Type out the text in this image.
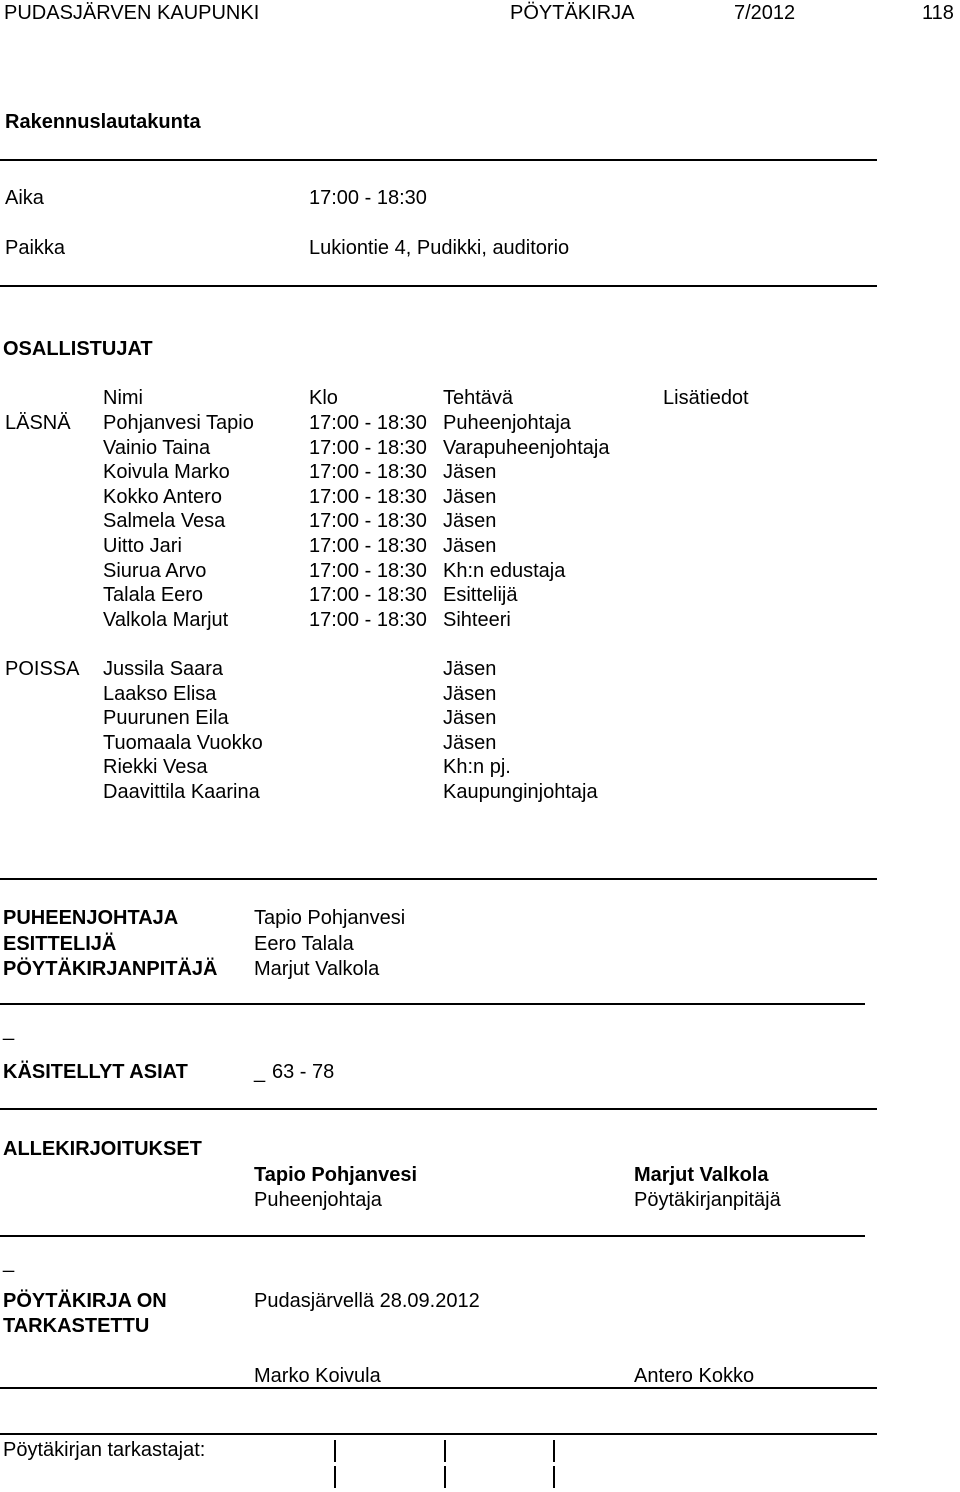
PUDASJÄRVEN KAUPUNKI	PÖYTÄKIRJA	7/2012	118
Rakennuslautakunta
Aika	17:00 - 18:30
Paikka	Lukiontie 4, Pudikki, auditorio
OSALLISTUJAT
Nimi	Klo	Tehtävä	Lisätiedot
LÄSNÄ Pohjanvesi Tapio	17:00 - 18:30 Puheenjohtaja
Vainio Taina	17:00 - 18:30 Varapuheenjohtaja
Koivula Marko	17:00 - 18:30 Jäsen
Kokko Antero	17:00 - 18:30 Jäsen
Salmela Vesa	17:00 - 18:30 Jäsen
Uitto Jari	17:00 - 18:30 Jäsen
Siurua Arvo	17:00 - 18:30 Kh:n edustaja
Talala Eero	17:00 - 18:30 Esittelijä
Valkola Marjut	17:00 - 18:30 Sihteeri
POISSA Jussila Saara	Jäsen
Laakso Elisa	Jäsen
Puurunen Eila	Jäsen
Tuomaala Vuokko	Jäsen
Riekki Vesa	Kh:n pj.
Daavittila Kaarina	Kaupunginjohtaja
PUHEENJOHTAJA	Tapio Pohjanvesi
ESITTELIJÄ	Eero Talala
PÖYTÄKIRJANPITÄJÄ Marjut Valkola
_
KÄSITELLYT ASIAT	_ 63 - 78
ALLEKIRJOITUKSET
Tapio Pohjanvesi
Puheenjohtaja
Marjut Valkola
Pöytäkirjanpitäjä
_
PÖYTÄKIRJA ON
TARKASTETTU
Pudasjärvellä 28.09.2012
Marko Koivula	Antero Kokko
Pöytäkirjan tarkastajat:
